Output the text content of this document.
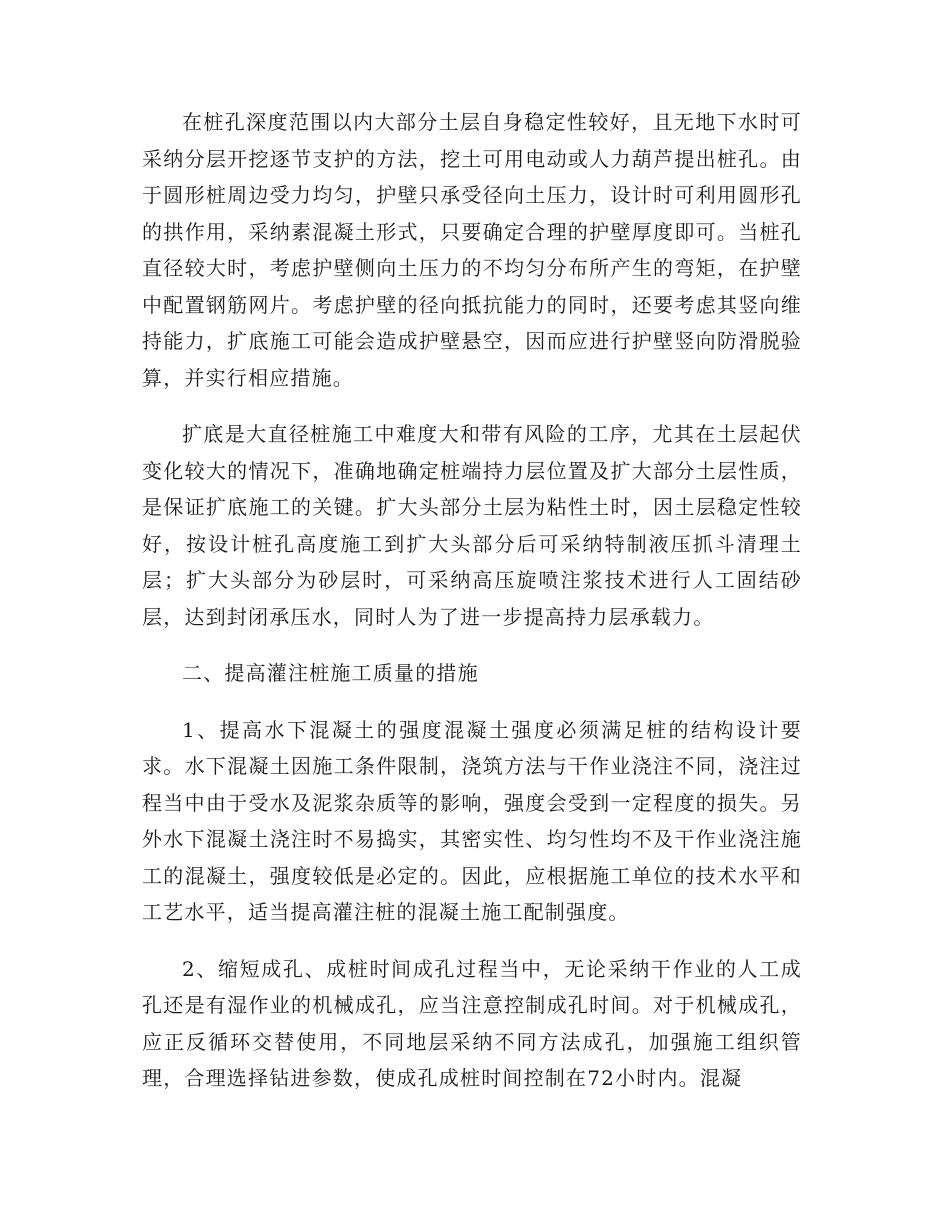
在桩孔深度范围以内大部分土层自身稳定性较好，且无地下水时可采纳分层开挖逐节支护的方法，挖土可用电动或人力葫芦提出桩孔。由于圆形桩周边受力均匀，护壁只承受径向土压力，设计时可利用圆形孔的拱作用，采纳素混凝土形式，只要确定合理的护壁厚度即可。当桩孔直径较大时，考虑护壁侧向土压力的不均匀分布所产生的弯矩，在护壁中配置钢筋网片。考虑护壁的径向抵抗能力的同时，还要考虑其竖向维持能力，扩底施工可能会造成护壁悬空，因而应进行护壁竖向防滑脱验算，并实行相应措施。

扩底是大直径桩施工中难度大和带有风险的工序，尤其在土层起伏变化较大的情况下，准确地确定桩端持力层位置及扩大部分土层性质，是保证扩底施工的关键。扩大头部分土层为粘性土时，因土层稳定性较好，按设计桩孔高度施工到扩大头部分后可采纳特制液压抓斗清理土层；扩大头部分为砂层时，可采纳高压旋喷注浆技术进行人工固结砂层，达到封闭承压水，同时人为了进一步提高持力层承载力。

二、提高灌注桩施工质量的措施

1、提高水下混凝土的强度混凝土强度必须满足桩的结构设计要求。水下混凝土因施工条件限制，浇筑方法与干作业浇注不同，浇注过程当中由于受水及泥浆杂质等的影响，强度会受到一定程度的损失。另外水下混凝土浇注时不易捣实，其密实性、均匀性均不及干作业浇注施工的混凝土，强度较低是必定的。因此，应根据施工单位的技术水平和工艺水平，适当提高灌注桩的混凝土施工配制强度。

2、缩短成孔、成桩时间成孔过程当中，无论采纳干作业的人工成孔还是有湿作业的机械成孔，应当注意控制成孔时间。对于机械成孔，应正反循环交替使用，不同地层采纳不同方法成孔，加强施工组织管理，合理选择钻进参数，使成孔成桩时间控制在72小时内。混凝
